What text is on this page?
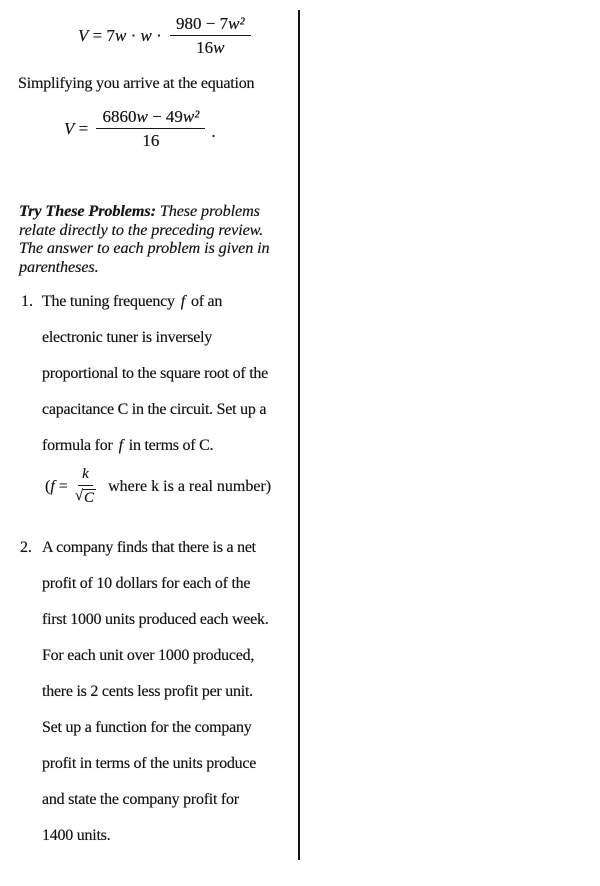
V = 7 $w \cdot w \cdot \frac{\text{980 − 7 w²}}{16 w}$
Simplifying you arrive at the equation
$V = \frac{\text{6860 w − 49 w²}}{16}$ .
Try These Problems: These problems
relate directly to the preceding review.
The answer to each problem is given in
parentheses.
1. The tuning frequency f of an
electronic tuner is inversely
proportional to the square root of the
capacitance C in the circuit. Set up a
formula for f in terms of C.
( $f = \frac{k}{√ C}$ where k is a real number)
2. A company finds that there is a net
profit of 10 dollars for each of the
first 1000 units produced each week.
For each unit over 1000 produced,
there is 2 cents less profit per unit.
Set up a function for the company
profit in terms of the units produce
and state the company profit for
1400 units.
